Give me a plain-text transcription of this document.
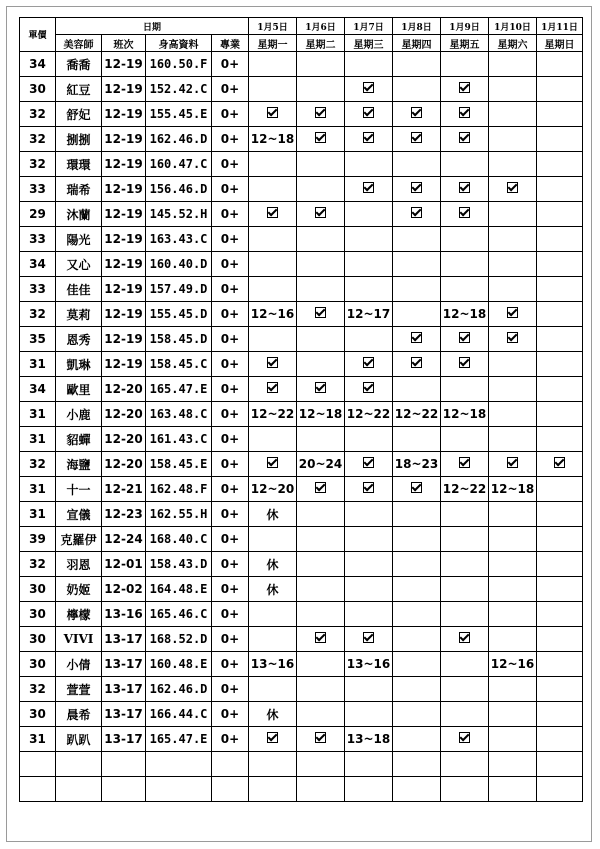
單價	日期				1月5日	1月6日	1月7日	1月8日	1月9日	1月10日	1月11日
	美容師	班次	身高資料	專業	星期一	星期二	星期三	星期四	星期五	星期六	星期日
34	喬喬	12-19	160.50.F	0+							
30	紅豆	12-19	152.42.C	0+							
32	舒妃	12-19	155.45.E	0+							
32	捌捌	12-19	162.46.D	0+	12~18						
32	環環	12-19	160.47.C	0+							
33	瑞希	12-19	156.46.D	0+							
29	沐蘭	12-19	145.52.H	0+							
33	陽光	12-19	163.43.C	0+							
34	又心	12-19	160.40.D	0+							
33	佳佳	12-19	157.49.D	0+							
32	莫莉	12-19	155.45.D	0+	12~16		12~17		12~18		
35	恩秀	12-19	158.45.D	0+							
31	凱琳	12-19	158.45.C	0+							
34	歐里	12-20	165.47.E	0+							
31	小鹿	12-20	163.48.C	0+	12~22	12~18	12~22	12~22	12~18		
31	貂蟬	12-20	161.43.C	0+							
32	海鹽	12-20	158.45.E	0+		20~24		18~23			
31	十一	12-21	162.48.F	0+	12~20				12~22	12~18	
31	宣儀	12-23	162.55.H	0+	休						
39	克羅伊	12-24	168.40.C	0+							
32	羽恩	12-01	158.43.D	0+	休						
30	奶姬	12-02	164.48.E	0+	休						
30	檸檬	13-16	165.46.C	0+							
30	VIVI	13-17	168.52.D	0+							
30	小倩	13-17	160.48.E	0+	13~16		13~16			12~16	
32	萱萱	13-17	162.46.D	0+							
30	晨希	13-17	166.44.C	0+	休						
31	趴趴	13-17	165.47.E	0+			13~18				
